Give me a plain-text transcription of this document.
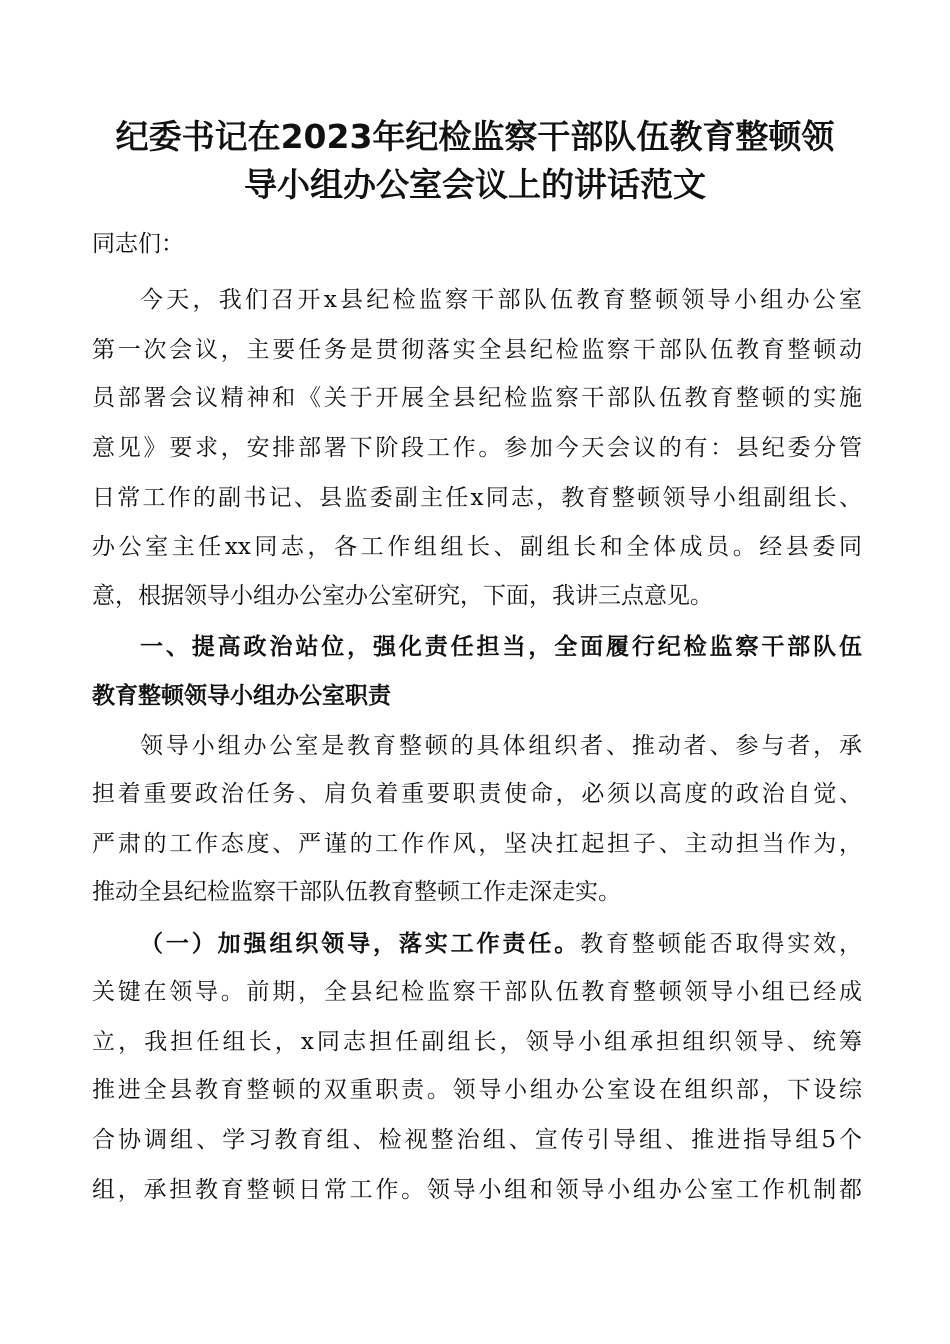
纪委书记在2023年纪检监察干部队伍教育整顿领
导小组办公室会议上的讲话范文
同志们：
今天，我们召开x县纪检监察干部队伍教育整顿领导小组办公室
第一次会议，主要任务是贯彻落实全县纪检监察干部队伍教育整顿动
员部署会议精神和《关于开展全县纪检监察干部队伍教育整顿的实施
意见》要求，安排部署下阶段工作。参加今天会议的有：县纪委分管
日常工作的副书记、县监委副主任x同志，教育整顿领导小组副组长、
办公室主任xx同志，各工作组组长、副组长和全体成员。经县委同
意，根据领导小组办公室办公室研究，下面，我讲三点意见。
一、提高政治站位，强化责任担当，全面履行纪检监察干部队伍
教育整顿领导小组办公室职责
领导小组办公室是教育整顿的具体组织者、推动者、参与者，承
担着重要政治任务、肩负着重要职责使命，必须以高度的政治自觉、
严肃的工作态度、严谨的工作作风，坚决扛起担子、主动担当作为，
推动全县纪检监察干部队伍教育整顿工作走深走实。
（一）加强组织领导，落实工作责任。教育整顿能否取得实效，
关键在领导。前期，全县纪检监察干部队伍教育整顿领导小组已经成
立，我担任组长，x同志担任副组长，领导小组承担组织领导、统筹
推进全县教育整顿的双重职责。领导小组办公室设在组织部，下设综
合协调组、学习教育组、检视整治组、宣传引导组、推进指导组5个
组，承担教育整顿日常工作。领导小组和领导小组办公室工作机制都
